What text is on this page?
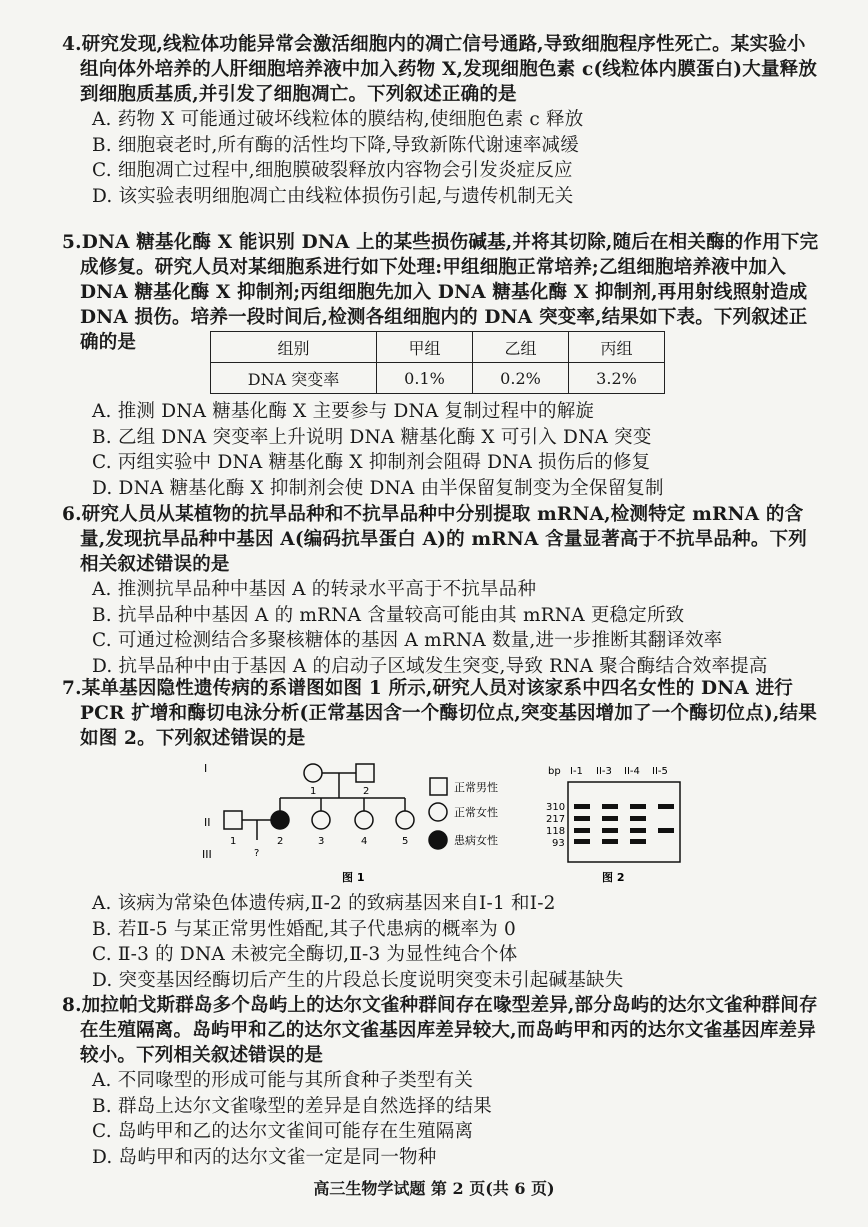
4.研究发现,线粒体功能异常会激活细胞内的凋亡信号通路,导致细胞程序性死亡。某实验小组向体外培养的人肝细胞培养液中加入药物 X,发现细胞色素 c(线粒体内膜蛋白)大量释放到细胞质基质,并引发了细胞凋亡。下列叙述正确的是
A. 药物 X 可能通过破坏线粒体的膜结构,使细胞色素 c 释放
B. 细胞衰老时,所有酶的活性均下降,导致新陈代谢速率减缓
C. 细胞凋亡过程中,细胞膜破裂释放内容物会引发炎症反应
D. 该实验表明细胞凋亡由线粒体损伤引起,与遗传机制无关
5.DNA 糖基化酶 X 能识别 DNA 上的某些损伤碱基,并将其切除,随后在相关酶的作用下完成修复。研究人员对某细胞系进行如下处理:甲组细胞正常培养;乙组细胞培养液中加入 DNA 糖基化酶 X 抑制剂;丙组细胞先加入 DNA 糖基化酶 X 抑制剂,再用射线照射造成 DNA 损伤。培养一段时间后,检测各组细胞内的 DNA 突变率,结果如下表。下列叙述正确的是	组别	甲组	乙组	丙组
DNA 突变率	0.1%	0.2%	3.2%
A. 推测 DNA 糖基化酶 X 主要参与 DNA 复制过程中的解旋
B. 乙组 DNA 突变率上升说明 DNA 糖基化酶 X 可引入 DNA 突变
C. 丙组实验中 DNA 糖基化酶 X 抑制剂会阻碍 DNA 损伤后的修复
D. DNA 糖基化酶 X 抑制剂会使 DNA 由半保留复制变为全保留复制
6.研究人员从某植物的抗旱品种和不抗旱品种中分别提取 mRNA,检测特定 mRNA 的含量,发现抗旱品种中基因 A(编码抗旱蛋白 A)的 mRNA 含量显著高于不抗旱品种。下列相关叙述错误的是
A. 推测抗旱品种中基因 A 的转录水平高于不抗旱品种
B. 抗旱品种中基因 A 的 mRNA 含量较高可能由其 mRNA 更稳定所致
C. 可通过检测结合多聚核糖体的基因 A mRNA 数量,进一步推断其翻译效率
D. 抗旱品种中由于基因 A 的启动子区域发生突变,导致 RNA 聚合酶结合效率提高
7.某单基因隐性遗传病的系谱图如图 1 所示,研究人员对该家系中四名女性的 DNA 进行 PCR 扩增和酶切电泳分析(正常基因含一个酶切位点,突变基因增加了一个酶切位点),结果如图 2。下列叙述错误的是
I
II
III
1	2
1	2	3	4	5
?
正常男性
正常女性
患病女性
图 1
bp I-1 II-3 II-4 II-5
310
217
118
93
图 2
A. 该病为常染色体遗传病,Ⅱ-2 的致病基因来自Ⅰ-1 和Ⅰ-2
B. 若Ⅱ-5 与某正常男性婚配,其子代患病的概率为 0
C. Ⅱ-3 的 DNA 未被完全酶切,Ⅱ-3 为显性纯合个体
D. 突变基因经酶切后产生的片段总长度说明突变未引起碱基缺失
8.加拉帕戈斯群岛多个岛屿上的达尔文雀种群间存在喙型差异,部分岛屿的达尔文雀种群间存在生殖隔离。岛屿甲和乙的达尔文雀基因库差异较大,而岛屿甲和丙的达尔文雀基因库差异较小。下列相关叙述错误的是
A. 不同喙型的形成可能与其所食种子类型有关
B. 群岛上达尔文雀喙型的差异是自然选择的结果
C. 岛屿甲和乙的达尔文雀间可能存在生殖隔离
D. 岛屿甲和丙的达尔文雀一定是同一物种
高三生物学试题 第 2 页(共 6 页)
